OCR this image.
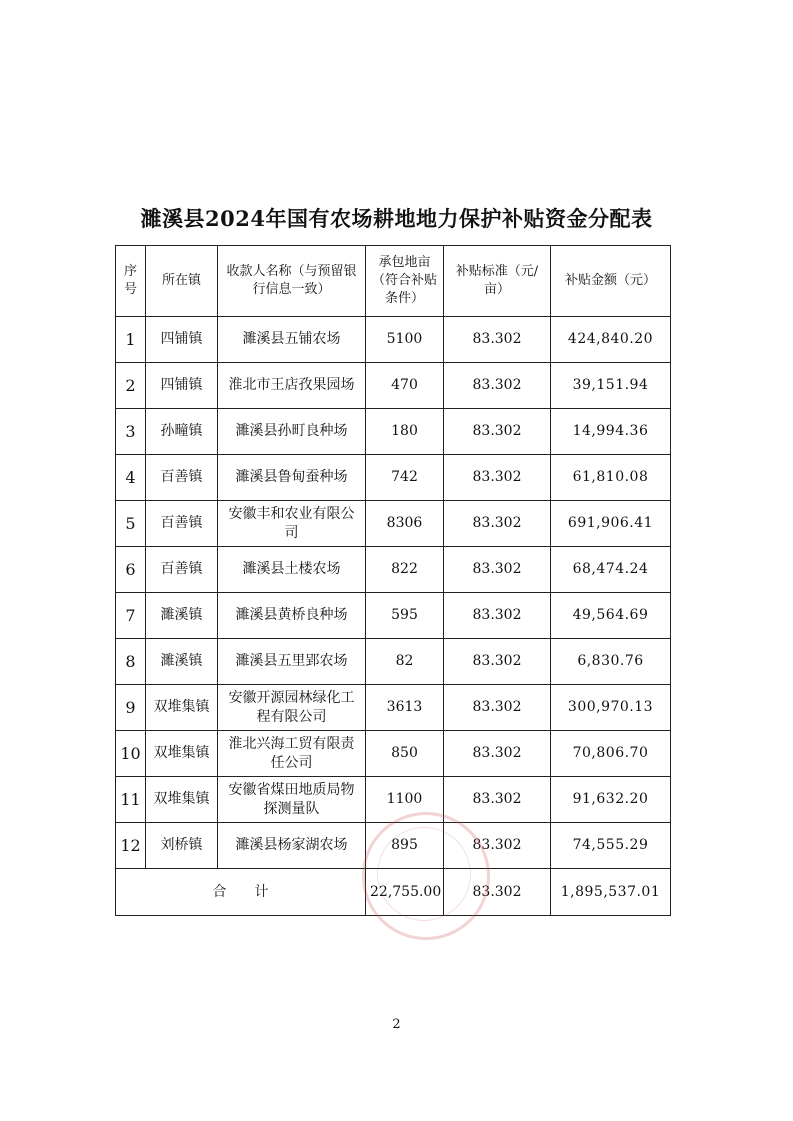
濉溪县2024年国有农场耕地地力保护补贴资金分配表
序号	所在镇	收款人名称（与预留银行信息一致）	承包地亩（符合补贴条件）	补贴标准（元/亩）	补贴金额（元）
1	四铺镇	濉溪县五铺农场	5100	83.302	424,840.20
2	四铺镇	淮北市王店孜果园场	470	83.302	39,151.94
3	孙疃镇	濉溪县孙町良种场	180	83.302	14,994.36
4	百善镇	濉溪县鲁甸蚕种场	742	83.302	61,810.08
5	百善镇	安徽丰和农业有限公司	8306	83.302	691,906.41
6	百善镇	濉溪县土楼农场	822	83.302	68,474.24
7	濉溪镇	濉溪县黄桥良种场	595	83.302	49,564.69
8	濉溪镇	濉溪县五里郢农场	82	83.302	6,830.76
9	双堆集镇	安徽开源园林绿化工程有限公司	3613	83.302	300,970.13
10	双堆集镇	淮北兴海工贸有限责任公司	850	83.302	70,806.70
11	双堆集镇	安徽省煤田地质局物探测量队	1100	83.302	91,632.20
12	刘桥镇	濉溪县杨家湖农场	895	83.302	74,555.29
合　　计			22,755.00	83.302	1,895,537.01
2
